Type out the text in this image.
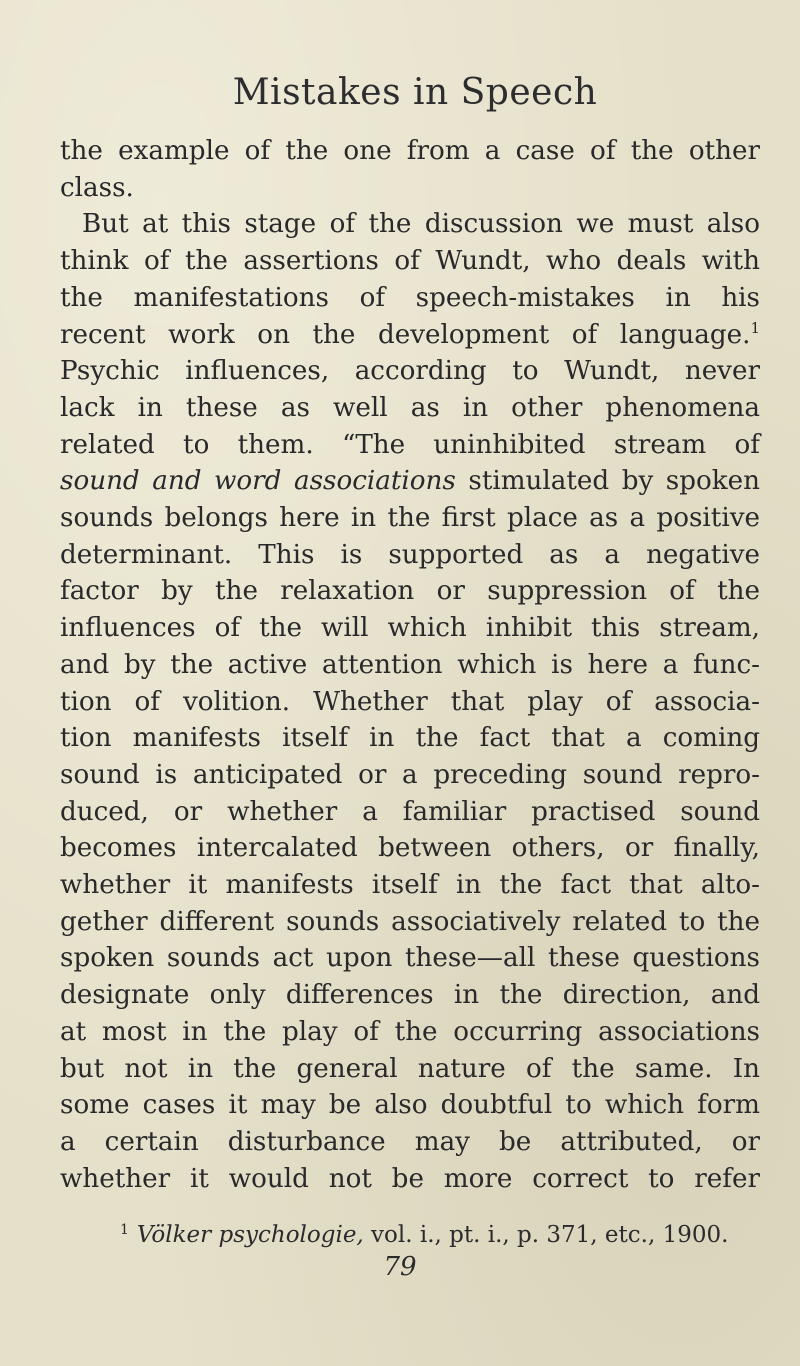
Mistakes in Speech
the example of the one from a case of the other
class.
But at this stage of the discussion we must also
think of the assertions of Wundt, who deals with
the manifestations of speech-mistakes in his
recent work on the development of language.$^1$
Psychic influences, according to Wundt, never
lack in these as well as in other phenomena
related to them. “The uninhibited stream of
sound and word associations stimulated by spoken
sounds belongs here in the first place as a positive
determinant. This is supported as a negative
factor by the relaxation or suppression of the
influences of the will which inhibit this stream,
and by the active attention which is here a func-
tion of volition. Whether that play of associa-
tion manifests itself in the fact that a coming
sound is anticipated or a preceding sound repro-
duced, or whether a familiar practised sound
becomes intercalated between others, or finally,
whether it manifests itself in the fact that alto-
gether different sounds associatively related to the
spoken sounds act upon these—all these questions
designate only differences in the direction, and
at most in the play of the occurring associations
but not in the general nature of the same. In
some cases it may be also doubtful to which form
a certain disturbance may be attributed, or
whether it would not be more correct to refer
$^1$ Völker psychologie, vol. i., pt. i., p. 371, etc., 1900.
79
